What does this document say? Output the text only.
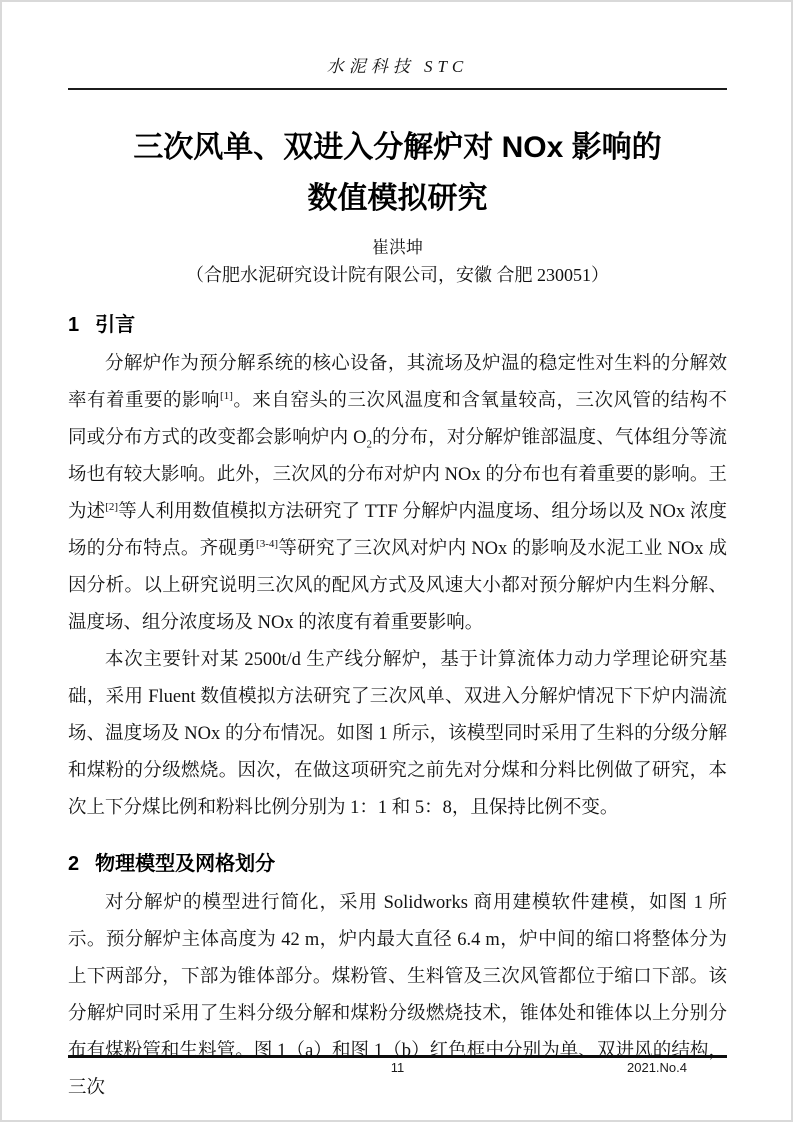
水泥科技 STC
三次风单、双进入分解炉对 NOx 影响的
数值模拟研究
崔洪坤
（合肥水泥研究设计院有限公司，安徽 合肥 230051）
1 引言

分解炉作为预分解系统的核心设备，其流场及炉温的稳定性对生料的分解效率有着重要的影响[1]。来自窑头的三次风温度和含氧量较高，三次风管的结构不同或分布方式的改变都会影响炉内 $O_2$的分布，对分解炉锥部温度、气体组分等流场也有较大影响。此外，三次风的分布对炉内 NOx 的分布也有着重要的影响。王为述[2]等人利用数值模拟方法研究了 TTF 分解炉内温度场、组分场以及 NOx 浓度场的分布特点。齐砚勇[3-4]等研究了三次风对炉内 NOx 的影响及水泥工业 NOx 成因分析。以上研究说明三次风的配风方式及风速大小都对预分解炉内生料分解、温度场、组分浓度场及 NOx 的浓度有着重要影响。

本次主要针对某 2500t/d 生产线分解炉，基于计算流体力动力学理论研究基础，采用 Fluent 数值模拟方法研究了三次风单、双进入分解炉情况下下炉内湍流场、温度场及 NOx 的分布情况。如图 1 所示，该模型同时采用了生料的分级分解和煤粉的分级燃烧。因次，在做这项研究之前先对分煤和分料比例做了研究，本次上下分煤比例和粉料比例分别为 1：1 和 5：8，且保持比例不变。

2 物理模型及网格划分

对分解炉的模型进行简化，采用 Solidworks 商用建模软件建模，如图 1 所示。预分解炉主体高度为 42 m，炉内最大直径 6.4 m，炉中间的缩口将整体分为上下两部分，下部为锥体部分。煤粉管、生料管及三次风管都位于缩口下部。该分解炉同时采用了生料分级分解和煤粉分级燃烧技术，锥体处和锥体以上分别分布有煤粉管和生料管。图 1（a）和图 1（b）红色框中分别为单、双进风的结构，三次

11	2021.No.4
